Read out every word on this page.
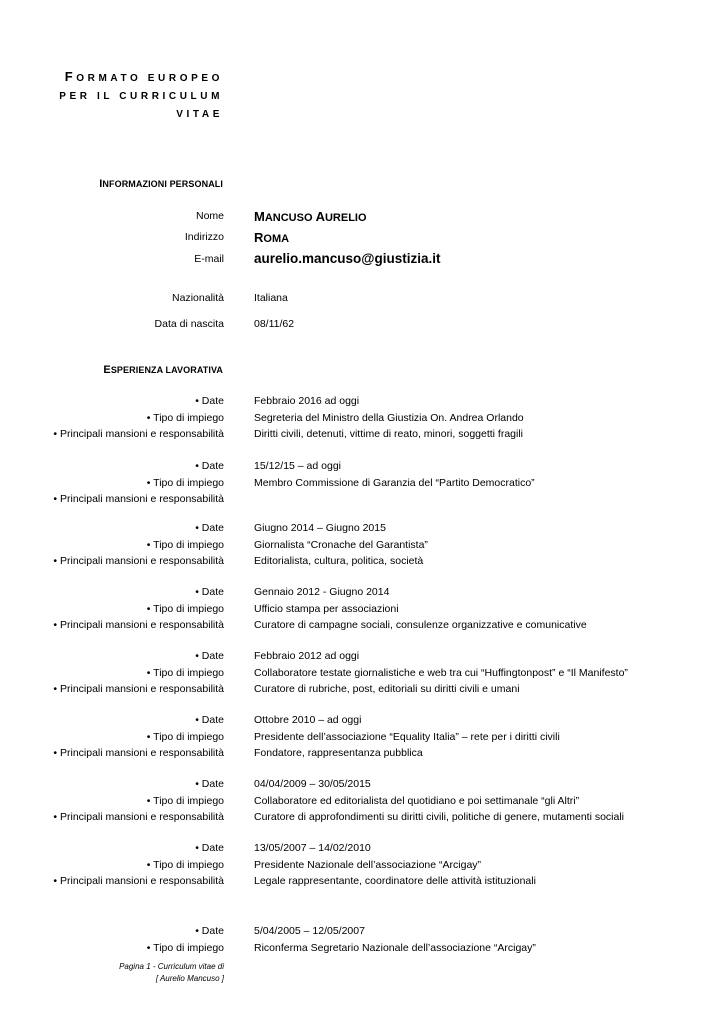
FORMATO EUROPEO
PER IL CURRICULUM
VITAE
INFORMAZIONI PERSONALI
Nome MANCUSO AURELIO
Indirizzo ROMA
E-mail aurelio.mancuso@giustizia.it
Nazionalità	Italiana
Data di nascita	08/11/62
ESPERIENZA LAVORATIVA
• Date	Febbraio 2016 ad oggi
• Tipo di impiego	Segreteria del Ministro della Giustizia On. Andrea Orlando
• Principali mansioni e responsabilità	Diritti civili, detenuti, vittime di reato, minori, soggetti fragili
• Date	15/12/15 – ad oggi
• Tipo di impiego	Membro Commissione di Garanzia del “Partito Democratico”
• Principali mansioni e responsabilità
• Date	Giugno 2014 – Giugno 2015
• Tipo di impiego	Giornalista “Cronache del Garantista”
• Principali mansioni e responsabilità	Editorialista, cultura, politica, società
• Date	Gennaio 2012 - Giugno 2014
• Tipo di impiego	Ufficio stampa per associazioni
• Principali mansioni e responsabilità	Curatore di campagne sociali, consulenze organizzative e comunicative
• Date	Febbraio 2012 ad oggi
• Tipo di impiego	Collaboratore testate giornalistiche e web tra cui “Huffingtonpost” e “Il Manifesto”
• Principali mansioni e responsabilità	Curatore di rubriche, post, editoriali su diritti civili e umani
• Date	Ottobre 2010 – ad oggi
• Tipo di impiego	Presidente dell’associazione “Equality Italia” – rete per i diritti civili
• Principali mansioni e responsabilità	Fondatore, rappresentanza pubblica
• Date	04/04/2009 – 30/05/2015
• Tipo di impiego	Collaboratore ed editorialista del quotidiano e poi settimanale “gli Altri”
• Principali mansioni e responsabilità	Curatore di approfondimenti su diritti civili, politiche di genere, mutamenti sociali
• Date	13/05/2007 – 14/02/2010
• Tipo di impiego	Presidente Nazionale dell’associazione “Arcigay”
• Principali mansioni e responsabilità	Legale rappresentante, coordinatore delle attività istituzionali
• Date	5/04/2005 – 12/05/2007
• Tipo di impiego	Riconferma Segretario Nazionale dell’associazione “Arcigay”
Pagina 1 - Curriculum vitae di
[ Aurelio Mancuso ]
